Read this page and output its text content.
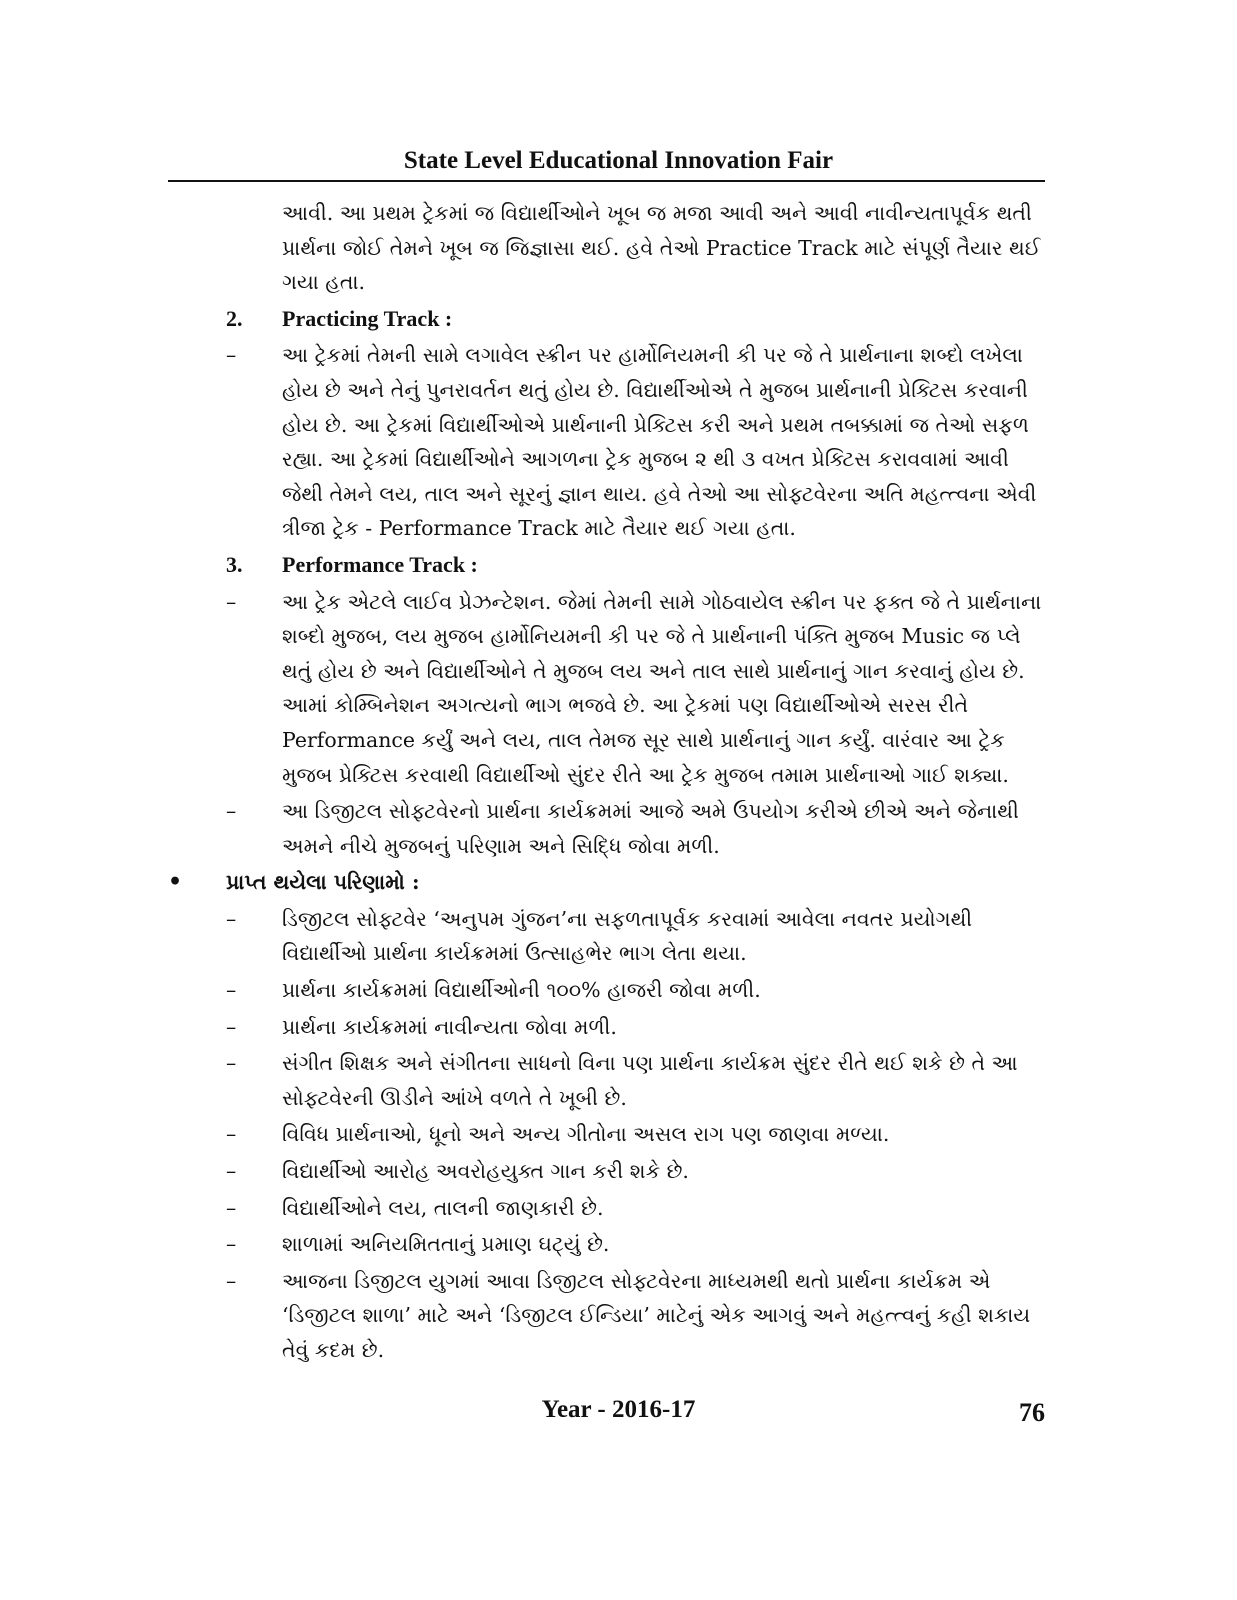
State Level Educational Innovation Fair

આવી. આ પ્રથમ ટ્રેકમાં જ વિદ્યાર્થીઓને ખૂબ જ મજા આવી અને આવી નાવીન્યતાપૂર્વક થતી પ્રાર્થના જોઈ તેમને ખૂબ જ જિજ્ઞાસા થઈ. હવે તેઓ Practice Track માટે સંપૂર્ણ તૈયાર થઈ ગયા હતા.

2. Practicing Track :
–	આ ટ્રેકમાં તેમની સામે લગાવેલ સ્ક્રીન પર હાર્મોનિયમની કી પર જે તે પ્રાર્થનાના શબ્દો લખેલા હોય છે અને તેનું પુનરાવર્તન થતું હોય છે. વિદ્યાર્થીઓએ તે મુજબ પ્રાર્થનાની પ્રેક્ટિસ કરવાની હોય છે. આ ટ્રેકમાં વિદ્યાર્થીઓએ પ્રાર્થનાની પ્રેક્ટિસ કરી અને પ્રથમ તબક્કામાં જ તેઓ સફળ રહ્યા. આ ટ્રેકમાં વિદ્યાર્થીઓને આગળના ટ્રેક મુજબ ૨ થી ૩ વખત પ્રેક્ટિસ કરાવવામાં આવી જેથી તેમને લય, તાલ અને સૂરનું જ્ઞાન થાય. હવે તેઓ આ સોફ્ટવેરના અતિ મહત્ત્વના એવી ત્રીજા ટ્રેક - Performance Track માટે તૈયાર થઈ ગયા હતા.
3. Performance Track :
–	આ ટ્રેક એટલે લાઈવ પ્રેઝન્ટેશન. જેમાં તેમની સામે ગોઠવાયેલ સ્ક્રીન પર ફક્ત જે તે પ્રાર્થનાના શબ્દો મુજબ, લય મુજબ હાર્મોનિયમની કી પર જે તે પ્રાર્થનાની પંક્તિ મુજબ Music જ પ્લે થતું હોય છે અને વિદ્યાર્થીઓને તે મુજબ લય અને તાલ સાથે પ્રાર્થનાનું ગાન કરવાનું હોય છે. આમાં કોમ્બિનેશન અગત્યનો ભાગ ભજવે છે. આ ટ્રેકમાં પણ વિદ્યાર્થીઓએ સરસ રીતે Performance કર્યું અને લય, તાલ તેમજ સૂર સાથે પ્રાર્થનાનું ગાન કર્યું. વારંવાર આ ટ્રેક મુજબ પ્રેક્ટિસ કરવાથી વિદ્યાર્થીઓ સુંદર રીતે આ ટ્રેક મુજબ તમામ પ્રાર્થનાઓ ગાઈ શક્યા.
–	આ ડિજીટલ સોફ્ટવેરનો પ્રાર્થના કાર્યક્રમમાં આજે અમે ઉપયોગ કરીએ છીએ અને જેનાથી અમને નીચે મુજબનું પરિણામ અને સિદ્ધિ જોવા મળી.
•	પ્રાપ્ત થયેલા પરિણામો :
–	ડિજીટલ સોફ્ટવેર ‘અનુપમ ગુંજન’ના સફળતાપૂર્વક કરવામાં આવેલા નવતર પ્રયોગથી વિદ્યાર્થીઓ પ્રાર્થના કાર્યક્રમમાં ઉત્સાહભેર ભાગ લેતા થયા.
–	પ્રાર્થના કાર્યક્રમમાં વિદ્યાર્થીઓની ૧૦૦% હાજરી જોવા મળી.
–	પ્રાર્થના કાર્યક્રમમાં નાવીન્યતા જોવા મળી.
–	સંગીત શિક્ષક અને સંગીતના સાધનો વિના પણ પ્રાર્થના કાર્યક્રમ સુંદર રીતે થઈ શકે છે તે આ સોફ્ટવેરની ઊડીને આંખે વળતે તે ખૂબી છે.
–	વિવિધ પ્રાર્થનાઓ, ધૂનો અને અન્ય ગીતોના અસલ રાગ પણ જાણવા મળ્યા.
–	વિદ્યાર્થીઓ આરોહ અવરોહયુક્ત ગાન કરી શકે છે.
–	વિદ્યાર્થીઓને લય, તાલની જાણકારી છે.
–	શાળામાં અનિયમિતતાનું પ્રમાણ ઘટ્યું છે.
–	આજના ડિજીટલ યુગમાં આવા ડિજીટલ સોફ્ટવેરના માધ્યમથી થતો પ્રાર્થના કાર્યક્રમ એ ‘ડિજીટલ શાળા’ માટે અને ‘ડિજીટલ ઈન્ડિયા’ માટેનું એક આગવું અને મહત્ત્વનું કહી શકાય તેવું કદમ છે.
Year - 2016-17	76
